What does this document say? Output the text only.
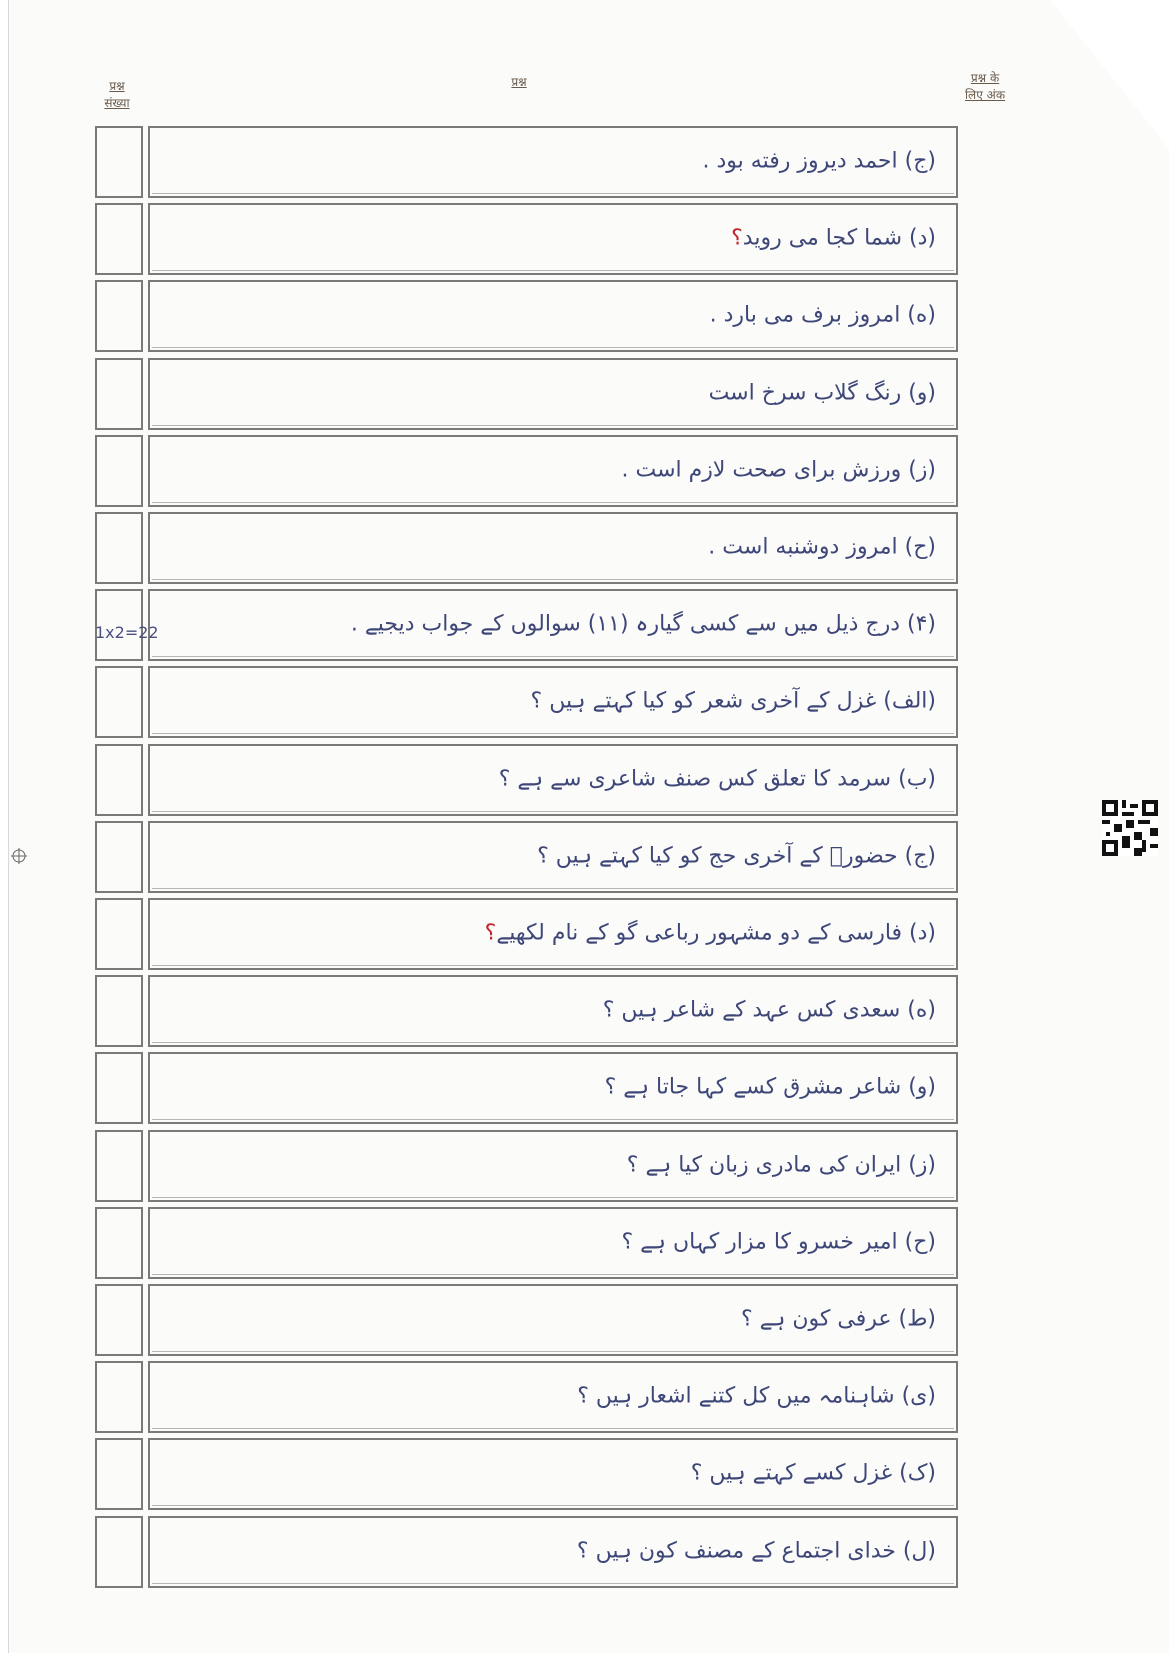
प्रश्न
संख्या
प्रश्न	प्रश्न के
लिए अंक
(ج) احمد دیروز رفته بود .
(د) شما کجا می روید؟
(ه) امروز برف می بارد .
(و) رنگ گلاب سرخ است
(ز) ورزش برای صحت لازم است .
(ح) امروز دوشنبه است .
(۴) درج ذیل میں سے کسی گیارہ (۱۱) سوالوں کے جواب دیجیے .
(الف) غزل کے آخری شعر کو کیا کہتے ہیں ؟
(ب) سرمد کا تعلق کس صنف شاعری سے ہے ؟
(ج) حضورؐ کے آخری حج کو کیا کہتے ہیں ؟
(د) فارسی کے دو مشہور رباعی گو کے نام لکھیے؟
(ه) سعدی کس عہد کے شاعر ہیں ؟
(و) شاعر مشرق کسے کہا جاتا ہے ؟
(ز) ایران کی مادری زبان کیا ہے ؟
(ح) امیر خسرو کا مزار کہاں ہے ؟
(ط) عرفی کون ہے ؟
(ی) شاہنامہ میں کل کتنے اشعار ہیں ؟
(ک) غزل کسے کہتے ہیں ؟
(ل) خدای اجتماع کے مصنف کون ہیں ؟
1x2=22
